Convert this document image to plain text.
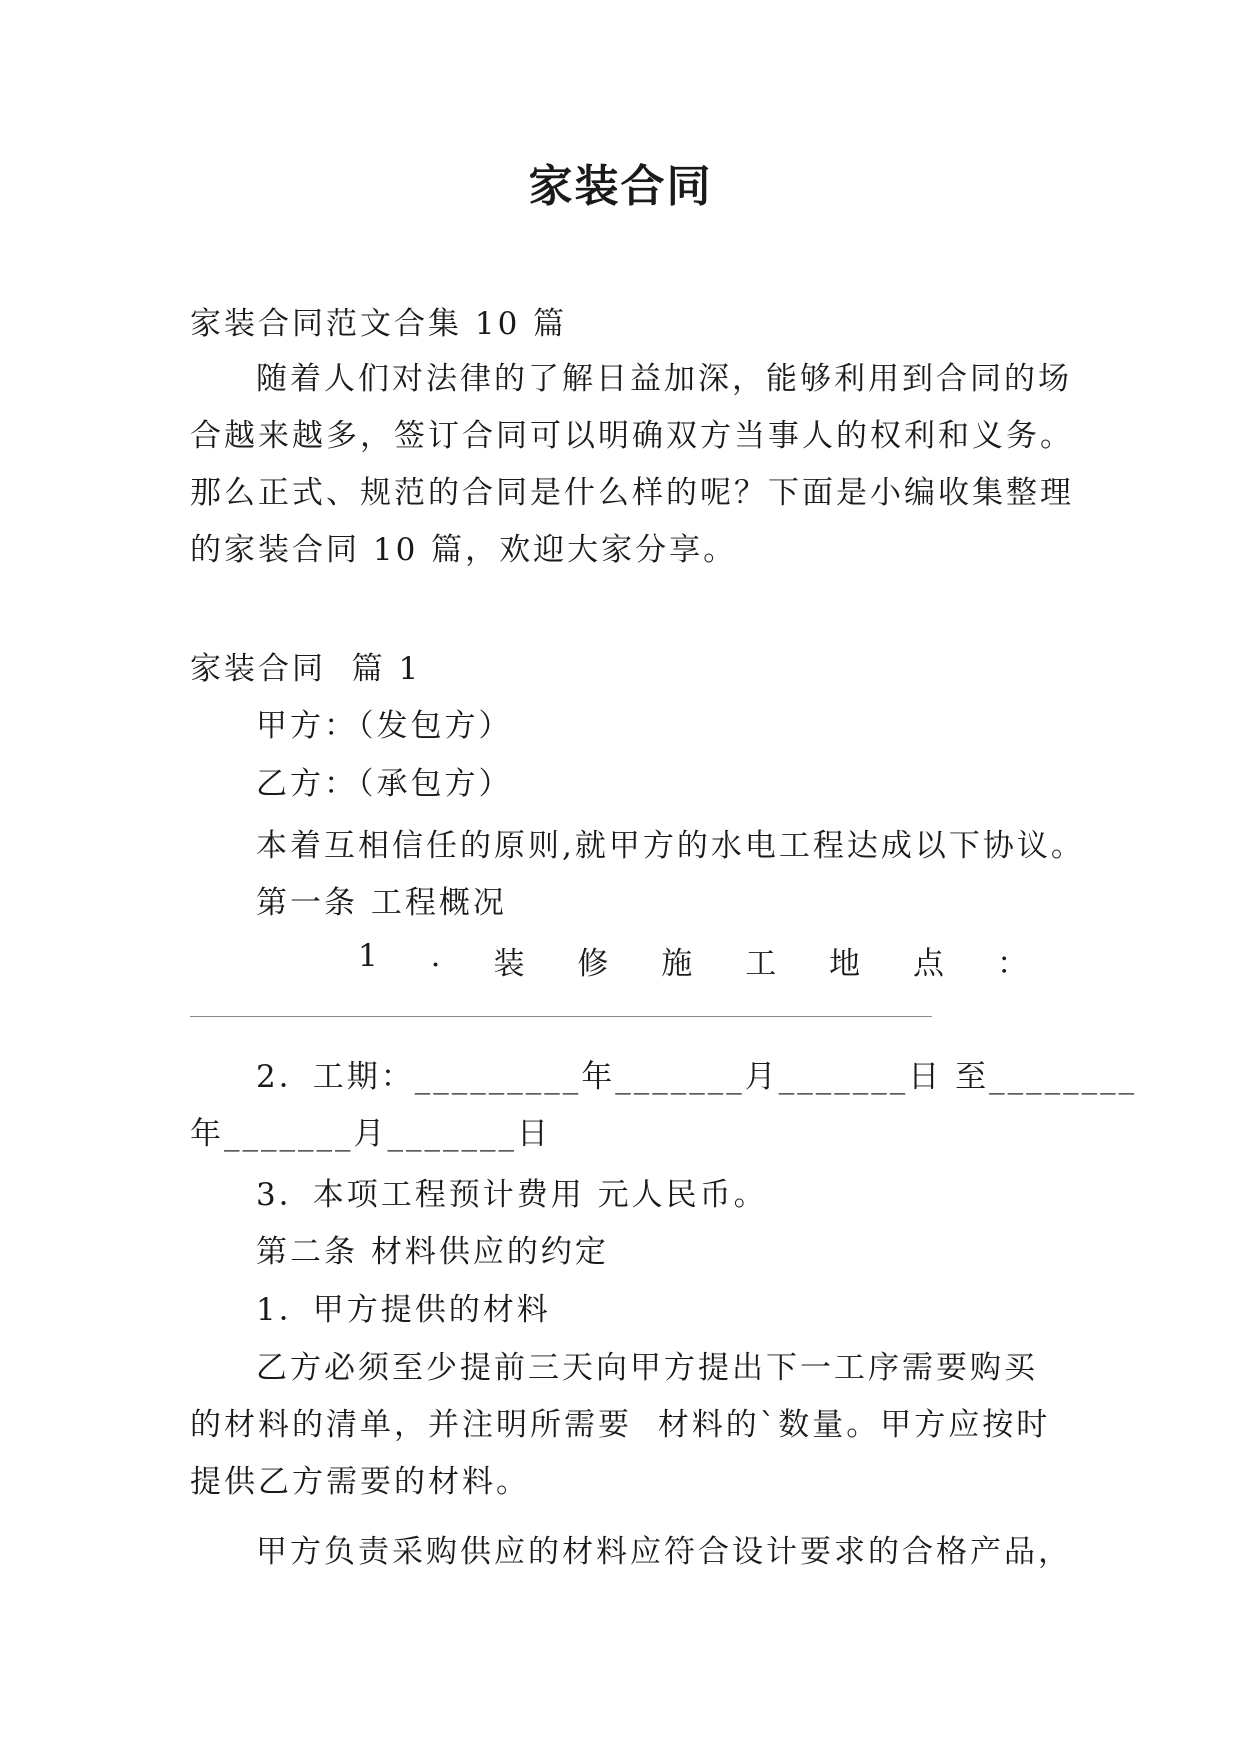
家装合同
家装合同范文合集 10 篇
随着人们对法律的了解日益加深，能够利用到合同的场
合越来越多，签订合同可以明确双方当事人的权利和义务。
那么正式、规范的合同是什么样的呢？下面是小编收集整理
的家装合同 10 篇，欢迎大家分享。
家装合同  篇 1
甲方：（发包方）
乙方：（承包方）
本着互相信任的原则,就甲方的水电工程达成以下协议。
第一条 工程概况
1 . 装 修 施 工 地 点 ：
2．工期：_________年_______月_______日 至________
年_______月_______日
3．本项工程预计费用 元人民币。
第二条 材料供应的约定
1．甲方提供的材料
乙方必须至少提前三天向甲方提出下一工序需要购买
的材料的清单，并注明所需要  材料的`数量。甲方应按时
提供乙方需要的材料。
甲方负责采购供应的材料应符合设计要求的合格产品，
